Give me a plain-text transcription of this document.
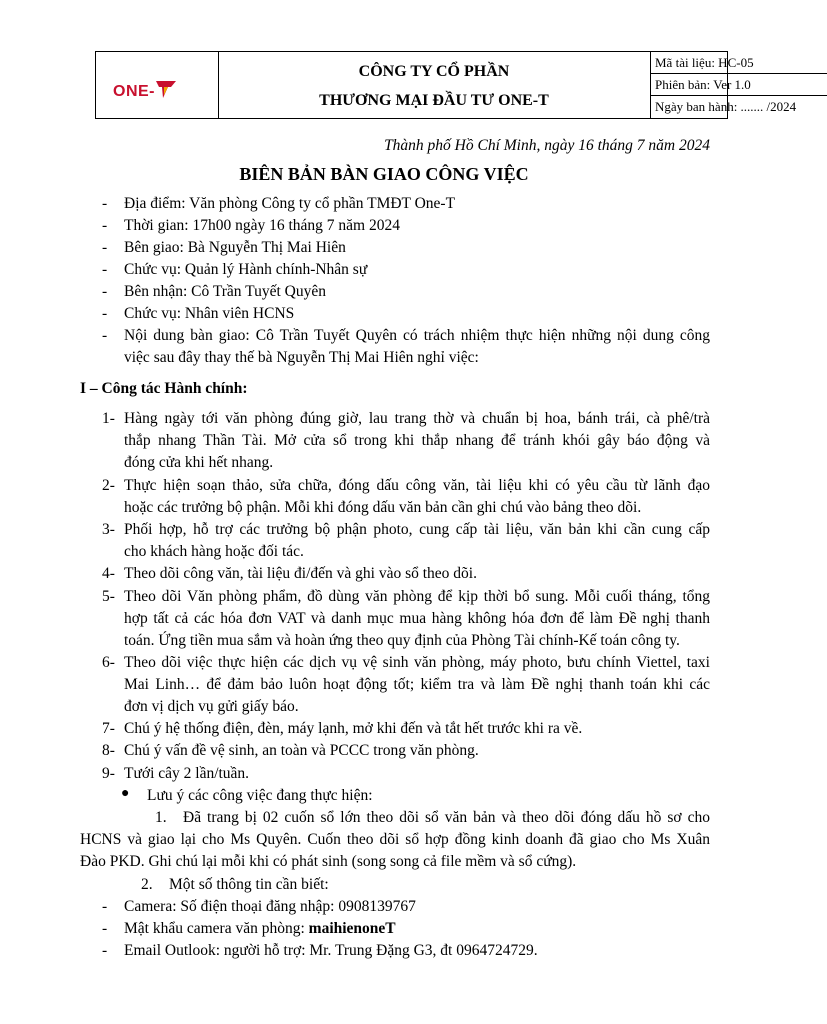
ONE-
CÔNG TY CỔ PHẦN
THƯƠNG MẠI ĐẦU TƯ ONE-T
Mã tài liệu: HC-05
Phiên bản: Ver 1.0
Ngày ban hành: ....... /2024
Thành phố Hồ Chí Minh, ngày 16 tháng 7 năm 2024
BIÊN BẢN BÀN GIAO CÔNG VIỆC
- Địa điểm: Văn phòng Công ty cổ phần TMĐT One-T
- Thời gian: 17h00 ngày 16 tháng 7 năm 2024
- Bên giao: Bà Nguyễn Thị Mai Hiên
- Chức vụ: Quản lý Hành chính-Nhân sự
- Bên nhận: Cô Trần Tuyết Quyên
- Chức vụ: Nhân viên HCNS
- Nội dung bàn giao: Cô Trần Tuyết Quyên có trách nhiệm thực hiện những nội dung công
việc sau đây thay thế bà Nguyễn Thị Mai Hiên nghỉ việc:
I – Công tác Hành chính:
1- Hàng ngày tới văn phòng đúng giờ, lau trang thờ và chuẩn bị hoa, bánh trái, cà phê/trà
thắp nhang Thần Tài. Mở cửa sổ trong khi thắp nhang để tránh khói gây báo động và
đóng cửa khi hết nhang.
2- Thực hiện soạn thảo, sửa chữa, đóng dấu công văn, tài liệu khi có yêu cầu từ lãnh đạo
hoặc các trưởng bộ phận. Mỗi khi đóng dấu văn bản cần ghi chú vào bảng theo dõi.
3- Phối hợp, hỗ trợ các trưởng bộ phận photo, cung cấp tài liệu, văn bản khi cần cung cấp
cho khách hàng hoặc đối tác.
4- Theo dõi công văn, tài liệu đi/đến và ghi vào sổ theo dõi.
5- Theo dõi Văn phòng phẩm, đồ dùng văn phòng để kịp thời bổ sung. Mỗi cuối tháng, tổng
hợp tất cả các hóa đơn VAT và danh mục mua hàng không hóa đơn để làm Đề nghị thanh
toán. Ứng tiền mua sắm và hoàn ứng theo quy định của Phòng Tài chính-Kế toán công ty.
6- Theo dõi việc thực hiện các dịch vụ vệ sinh văn phòng, máy photo, bưu chính Viettel, taxi
Mai Linh… để đảm bảo luôn hoạt động tốt; kiểm tra và làm Đề nghị thanh toán khi các
đơn vị dịch vụ gửi giấy báo.
7- Chú ý hệ thống điện, đèn, máy lạnh, mở khi đến và tắt hết trước khi ra về.
8- Chú ý vấn đề vệ sinh, an toàn và PCCC trong văn phòng.
9- Tưới cây 2 lần/tuần.
● Lưu ý các công việc đang thực hiện:
1. Đã trang bị 02 cuốn sổ lớn theo dõi sổ văn bản và theo dõi đóng dấu hồ sơ cho
HCNS và giao lại cho Ms Quyên. Cuốn theo dõi sổ hợp đồng kinh doanh đã giao cho Ms Xuân
Đào PKD. Ghi chú lại mỗi khi có phát sinh (song song cả file mềm và sổ cứng).
2. Một số thông tin cần biết:
- Camera: Số điện thoại đăng nhập: 0908139767
- Mật khẩu camera văn phòng: maihienoneT
- Email Outlook: người hỗ trợ: Mr. Trung Đặng G3, đt 0964724729.
